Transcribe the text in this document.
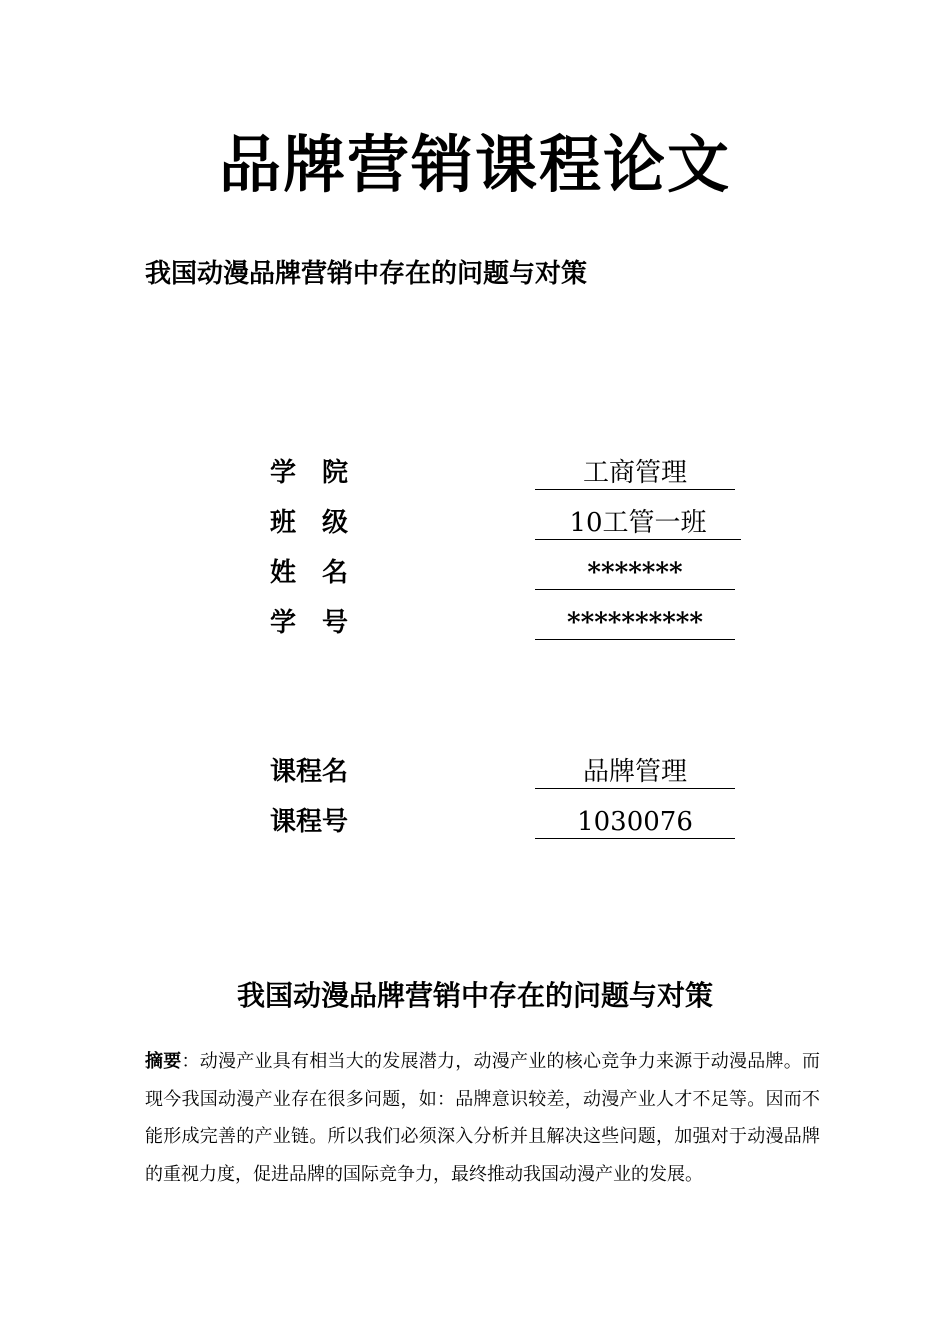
品牌营销课程论文
我国动漫品牌营销中存在的问题与对策
学　院	工商管理
班　级	10工管一班
姓　名	*******
学　号	**********
课程名	品牌管理
课程号	1030076
我国动漫品牌营销中存在的问题与对策
摘要：动漫产业具有相当大的发展潜力，动漫产业的核心竞争力来源于动漫品牌。而现今我国动漫产业存在很多问题，如：品牌意识较差，动漫产业人才不足等。因而不能形成完善的产业链。所以我们必须深入分析并且解决这些问题，加强对于动漫品牌的重视力度，促进品牌的国际竞争力，最终推动我国动漫产业的发展。
